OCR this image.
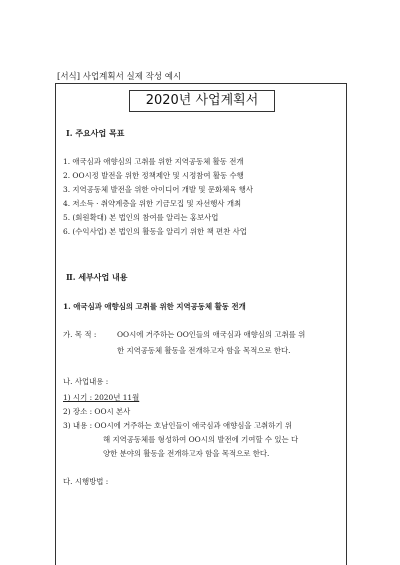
[서식] 사업계획서 실제 작성 예시
2020년 사업계획서
Ⅰ. 주요사업 목표
1. 애국심과 애향심의 고취를 위한 지역공동체 활동 전개
2. OO시정 발전을 위한 정책제안 및 시정참여 활동 수행
3. 지역공동체 발전을 위한 아이디어 개발 및 문화체육 행사
4. 저소득 · 취약계층을 위한 기금모집 및 자선행사 개최
5. (회원확대) 본 법인의 참여를 알리는 홍보사업
6. (수익사업) 본 법인의 활동을 알리기 위한 책 편찬 사업
Ⅱ. 세부사업 내용
1. 애국심과 애향심의 고취를 위한 지역공동체 활동 전개
가. 목 적 :	OO시에 거주하는 OO인들의 애국심과 애향심의 고취를 위
한 지역공동체 활동을 전개하고자 함을 목적으로 한다.
나. 사업내용 :
1) 시기 : 2020년 11월
2) 장소 : OO시 본사
3) 내용 : OO시에 거주하는 호남인들이 애국심과 애향심을 고취하기 위
해 지역공동체를 형성하여 OO시의 발전에 기여할 수 있는 다
양한 분야의 활동을 전개하고자 함을 목적으로 한다.
다. 시행방법 :
